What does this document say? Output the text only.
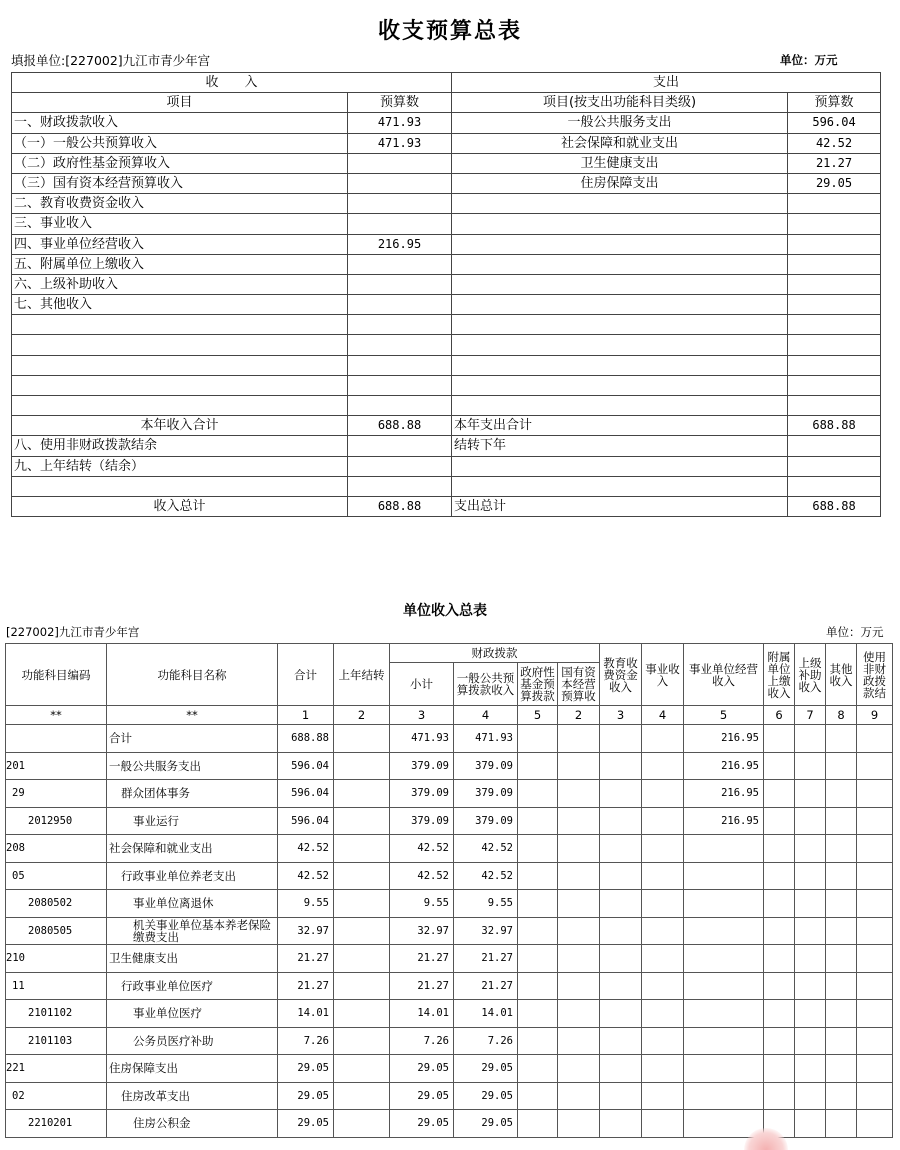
收支预算总表
填报单位:[227002]九江市青少年宫	单位：万元
收　　入		支出	
项目	预算数	项目(按支出功能科目类级)	预算数
一、财政拨款收入	471.93	一般公共服务支出	596.04
（一）一般公共预算收入	471.93	社会保障和就业支出	42.52
（二）政府性基金预算收入		卫生健康支出	21.27
（三）国有资本经营预算收入		住房保障支出	29.05
二、教育收费资金收入			
三、事业收入			
四、事业单位经营收入	216.95		
五、附属单位上缴收入			
六、上级补助收入			
七、其他收入			

本年收入合计	688.88	本年支出合计	688.88
八、使用非财政拨款结余		结转下年	
九、上年结转（结余）			

收入总计	688.88	支出总计	688.88
单位收入总表
[227002]九江市青少年宫	单位：万元
功能科目编码	功能科目名称	合计	上年结转	财政拨款				教育收费资金收入	事业收入	事业单位经营收入	附属单位上缴收入	上级补助收入	其他收入	使用非财政拨款结
				小计	一般公共预算拨款收入	政府性基金预算拨款	国有资本经营预算收							
**	**	1	2	3	4	5	2	3	4	5	6	7	8	9
	合计	688.88		471.93	471.93					216.95				
201	一般公共服务支出	596.04		379.09	379.09					216.95				
29	群众团体事务	596.04		379.09	379.09					216.95				
2012950	事业运行	596.04		379.09	379.09					216.95				
208	社会保障和就业支出	42.52		42.52	42.52									
05	行政事业单位养老支出	42.52		42.52	42.52									
2080502	事业单位离退休	9.55		9.55	9.55									
2080505	机关事业单位基本养老保险缴费支出	32.97		32.97	32.97									
210	卫生健康支出	21.27		21.27	21.27									
11	行政事业单位医疗	21.27		21.27	21.27									
2101102	事业单位医疗	14.01		14.01	14.01									
2101103	公务员医疗补助	7.26		7.26	7.26									
221	住房保障支出	29.05		29.05	29.05									
02	住房改革支出	29.05		29.05	29.05									
2210201	住房公积金	29.05		29.05	29.05									
